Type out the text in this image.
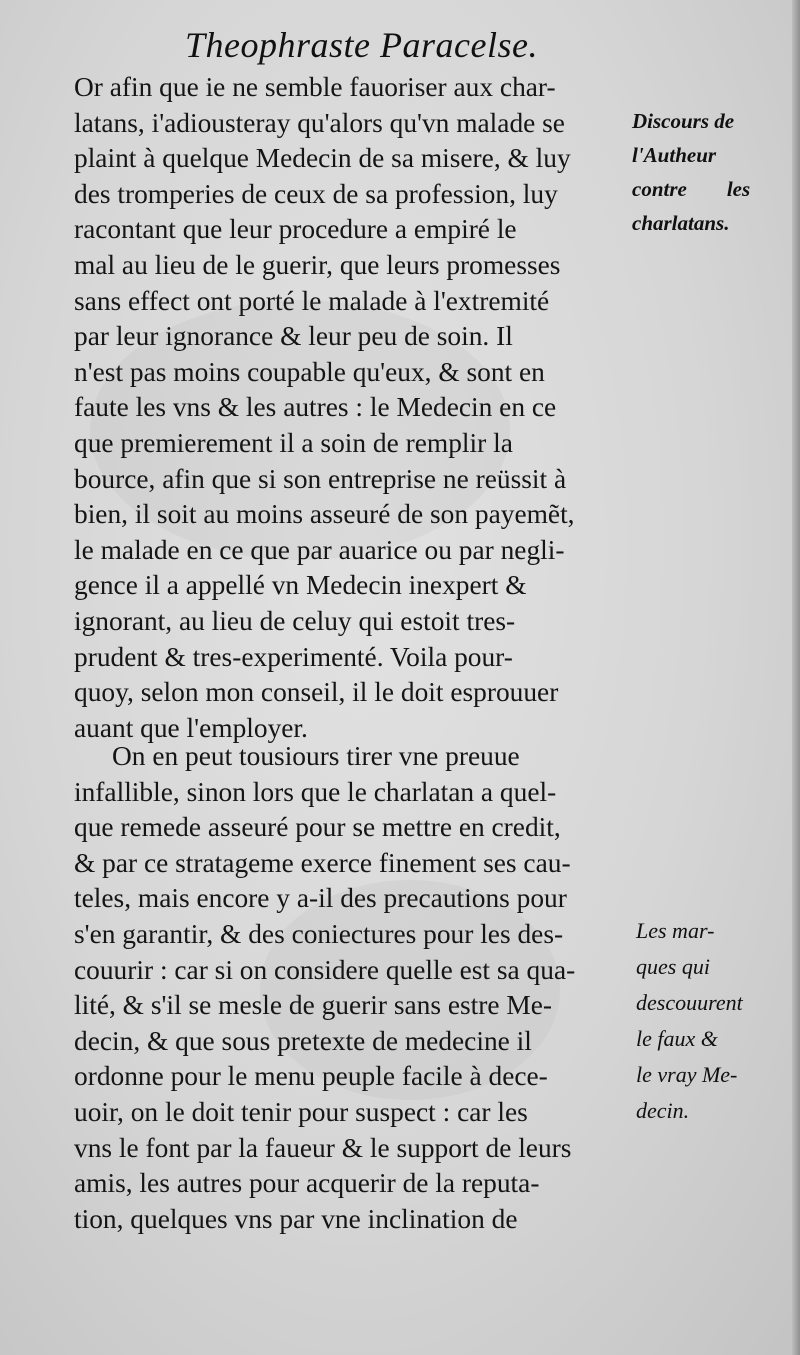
Theophraste Paracelse.
Or afin que ie ne semble fauoriser aux char-
latans, i'adiousteray qu'alors qu'vn malade se
plaint à quelque Medecin de sa misere, & luy
des tromperies de ceux de sa profession, luy
racontant que leur procedure a empiré le
mal au lieu de le guerir, que leurs promesses
sans effect ont porté le malade à l'extremité
par leur ignorance & leur peu de soin. Il
n'est pas moins coupable qu'eux, & sont en
faute les vns & les autres : le Medecin en ce
que premierement il a soin de remplir la
bource, afin que si son entreprise ne reüssit à
bien, il soit au moins asseuré de son payemẽt,
le malade en ce que par auarice ou par negli-
gence il a appellé vn Medecin inexpert &
ignorant, au lieu de celuy qui estoit tres-
prudent & tres-experimenté. Voila pour-
quoy, selon mon conseil, il le doit esprouuer
auant que l'employer.
On en peut tousiours tirer vne preuue
infallible, sinon lors que le charlatan a quel-
que remede asseuré pour se mettre en credit,
& par ce stratageme exerce finement ses cau-
teles, mais encore y a-il des precautions pour
s'en garantir, & des coniectures pour les des-
couurir : car si on considere quelle est sa qua-
lité, & s'il se mesle de guerir sans estre Me-
decin, & que sous pretexte de medecine il
ordonne pour le menu peuple facile à dece-
uoir, on le doit tenir pour suspect : car les
vns le font par la faueur & le support de leurs
amis, les autres pour acquerir de la reputa-
tion, quelques vns par vne inclination de
Discours de
l'Autheur
contre les
charlatans.
Les mar-
ques qui
descouurent
le faux &
le vray Me-
decin.
